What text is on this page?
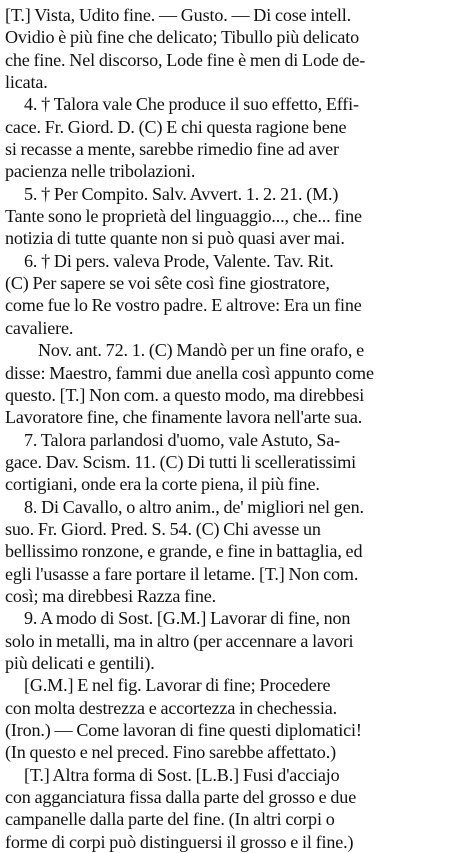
[T.] Vista, Udito fine. — Gusto. — Di cose intell.
Ovidio è più fine che delicato; Tibullo più delicato
che fine. Nel discorso, Lode fine è men di Lode de-
licata.
4. † Talora vale Che produce il suo effetto, Effi-
cace. Fr. Giord. D. (C) E chi questa ragione bene
si recasse a mente, sarebbe rimedio fine ad aver
pacienza nelle tribolazioni.
5. † Per Compito. Salv. Avvert. 1. 2. 21. (M.)
Tante sono le proprietà del linguaggio..., che... fine
notizia di tutte quante non si può quasi aver mai.
6. † Di pers. valeva Prode, Valente. Tav. Rit.
(C) Per sapere se voi sête così fine giostratore,
come fue lo Re vostro padre. E altrove: Era un fine
cavaliere.
Nov. ant. 72. 1. (C) Mandò per un fine orafo, e
disse: Maestro, fammi due anella così appunto come
questo. [T.] Non com. a questo modo, ma direbbesi
Lavoratore fine, che finamente lavora nell'arte sua.
7. Talora parlandosi d'uomo, vale Astuto, Sa-
gace. Dav. Scism. 11. (C) Di tutti li scelleratissimi
cortigiani, onde era la corte piena, il più fine.
8. Di Cavallo, o altro anim., de' migliori nel gen.
suo. Fr. Giord. Pred. S. 54. (C) Chi avesse un
bellissimo ronzone, e grande, e fine in battaglia, ed
egli l'usasse a fare portare il letame. [T.] Non com.
così; ma direbbesi Razza fine.
9. A modo di Sost. [G.M.] Lavorar di fine, non
solo in metalli, ma in altro (per accennare a lavori
più delicati e gentili).
[G.M.] E nel fig. Lavorar di fine; Procedere
con molta destrezza e accortezza in chechessia.
(Iron.) — Come lavoran di fine questi diplomatici!
(In questo e nel preced. Fino sarebbe affettato.)
[T.] Altra forma di Sost. [L.B.] Fusi d'acciajo
con agganciatura fissa dalla parte del grosso e due
campanelle dalla parte del fine. (In altri corpi o
forme di corpi può distinguersi il grosso e il fine.)
